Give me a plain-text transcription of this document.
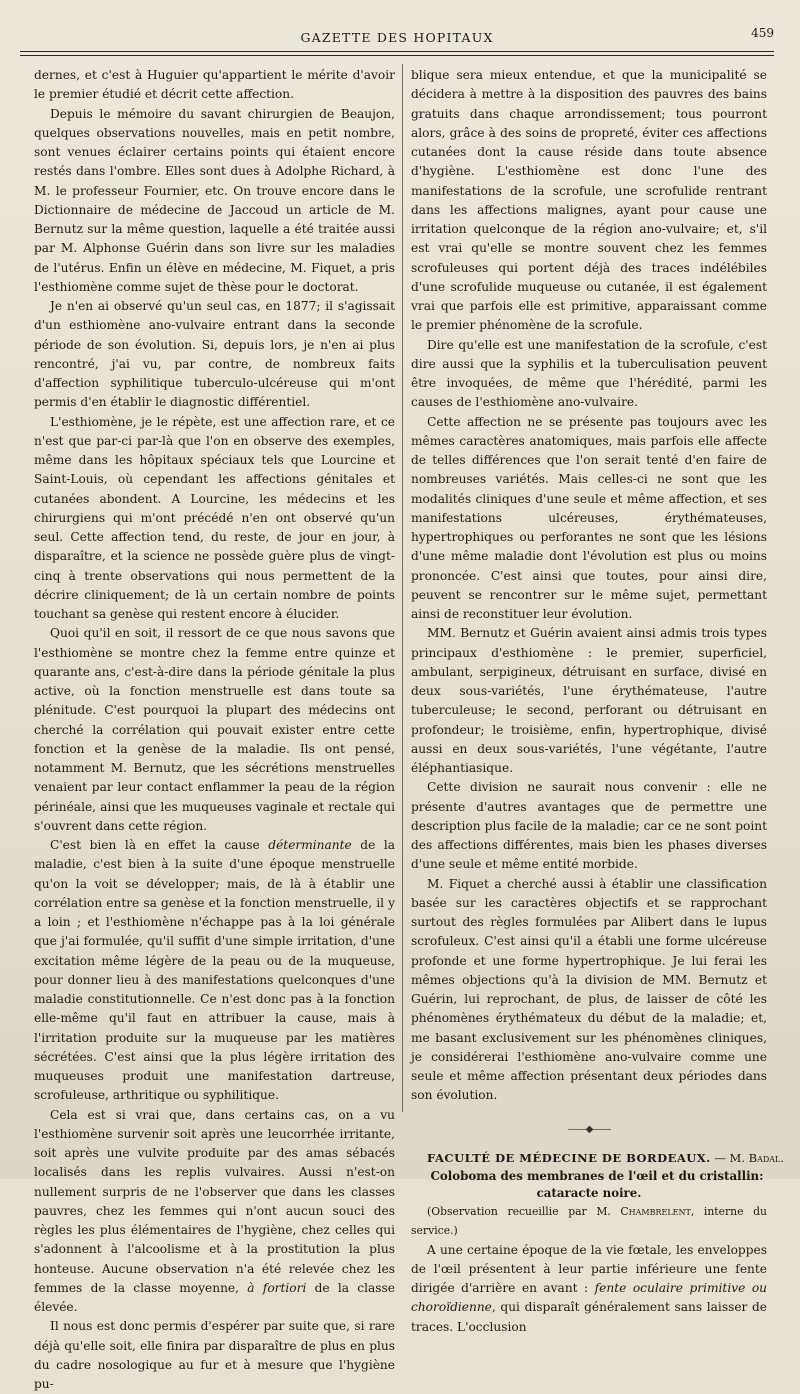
GAZETTE DES HOPITAUX	459

dernes, et c'est à Huguier qu'appartient le mérite d'avoir le premier étudié et décrit cette affection.

Depuis le mémoire du savant chirurgien de Beaujon, quelques observations nouvelles, mais en petit nombre, sont venues éclairer certains points qui étaient encore restés dans l'ombre. Elles sont dues à Adolphe Richard, à M. le professeur Fournier, etc. On trouve encore dans le Dictionnaire de médecine de Jaccoud un article de M. Bernutz sur la même question, laquelle a été traitée aussi par M. Alphonse Guérin dans son livre sur les maladies de l'utérus. Enfin un élève en médecine, M. Fiquet, a pris l'esthiomène comme sujet de thèse pour le doctorat.

Je n'en ai observé qu'un seul cas, en 1877; il s'agissait d'un esthiomène ano-vulvaire entrant dans la seconde période de son évolution. Si, depuis lors, je n'en ai plus rencontré, j'ai vu, par contre, de nombreux faits d'affection syphilitique tuberculo-ulcéreuse qui m'ont permis d'en établir le diagnostic différentiel.

L'esthiomène, je le répète, est une affection rare, et ce n'est que par-ci par-là que l'on en observe des exemples, même dans les hôpitaux spéciaux tels que Lourcine et Saint-Louis, où cependant les affections génitales et cutanées abondent. A Lourcine, les médecins et les chirurgiens qui m'ont précédé n'en ont observé qu'un seul. Cette affection tend, du reste, de jour en jour, à disparaître, et la science ne possède guère plus de vingt-cinq à trente observations qui nous permettent de la décrire cliniquement; de là un certain nombre de points touchant sa genèse qui restent encore à élucider.

Quoi qu'il en soit, il ressort de ce que nous savons que l'esthiomène se montre chez la femme entre quinze et quarante ans, c'est-à-dire dans la période génitale la plus active, où la fonction menstruelle est dans toute sa plénitude. C'est pourquoi la plupart des médecins ont cherché la corrélation qui pouvait exister entre cette fonction et la genèse de la maladie. Ils ont pensé, notamment M. Bernutz, que les sécrétions menstruelles venaient par leur contact enflammer la peau de la région périnéale, ainsi que les muqueuses vaginale et rectale qui s'ouvrent dans cette région.

C'est bien là en effet la cause déterminante de la maladie, c'est bien à la suite d'une époque menstruelle qu'on la voit se développer; mais, de là à établir une corrélation entre sa genèse et la fonction menstruelle, il y a loin ; et l'esthiomène n'échappe pas à la loi générale que j'ai formulée, qu'il suffit d'une simple irritation, d'une excitation même légère de la peau ou de la muqueuse, pour donner lieu à des manifestations quelconques d'une maladie constitutionnelle. Ce n'est donc pas à la fonction elle-même qu'il faut en attribuer la cause, mais à l'irritation produite sur la muqueuse par les matières sécrétées. C'est ainsi que la plus légère irritation des muqueuses produit une manifestation dartreuse, scrofuleuse, arthritique ou syphilitique.

Cela est si vrai que, dans certains cas, on a vu l'esthiomène survenir soit après une leucorrhée irritante, soit après une vulvite produite par des amas sébacés localisés dans les replis vulvaires. Aussi n'est-on nullement surpris de ne l'observer que dans les classes pauvres, chez les femmes qui n'ont aucun souci des règles les plus élémentaires de l'hygiène, chez celles qui s'adonnent à l'alcoolisme et à la prostitution la plus honteuse. Aucune observation n'a été relevée chez les femmes de la classe moyenne, à fortiori de la classe élevée.

Il nous est donc permis d'espérer par suite que, si rare déjà qu'elle soit, elle finira par disparaître de plus en plus du cadre nosologique au fur et à mesure que l'hygiène pu-

blique sera mieux entendue, et que la municipalité se décidera à mettre à la disposition des pauvres des bains gratuits dans chaque arrondissement; tous pourront alors, grâce à des soins de propreté, éviter ces affections cutanées dont la cause réside dans toute absence d'hygiène. L'esthiomène est donc l'une des manifestations de la scrofule, une scrofulide rentrant dans les affections malignes, ayant pour cause une irritation quelconque de la région ano-vulvaire; et, s'il est vrai qu'elle se montre souvent chez les femmes scrofuleuses qui portent déjà des traces indélébiles d'une scrofulide muqueuse ou cutanée, il est également vrai que parfois elle est primitive, apparaissant comme le premier phénomène de la scrofule.

Dire qu'elle est une manifestation de la scrofule, c'est dire aussi que la syphilis et la tuberculisation peuvent être invoquées, de même que l'hérédité, parmi les causes de l'esthiomène ano-vulvaire.

Cette affection ne se présente pas toujours avec les mêmes caractères anatomiques, mais parfois elle affecte de telles différences que l'on serait tenté d'en faire de nombreuses variétés. Mais celles-ci ne sont que les modalités cliniques d'une seule et même affection, et ses manifestations ulcéreuses, érythémateuses, hypertrophiques ou perforantes ne sont que les lésions d'une même maladie dont l'évolution est plus ou moins prononcée. C'est ainsi que toutes, pour ainsi dire, peuvent se rencontrer sur le même sujet, permettant ainsi de reconstituer leur évolution.

MM. Bernutz et Guérin avaient ainsi admis trois types principaux d'esthiomène : le premier, superficiel, ambulant, serpigineux, détruisant en surface, divisé en deux sous-variétés, l'une érythémateuse, l'autre tuberculeuse; le second, perforant ou détruisant en profondeur; le troisième, enfin, hypertrophique, divisé aussi en deux sous-variétés, l'une végétante, l'autre éléphantiasique.

Cette division ne saurait nous convenir : elle ne présente d'autres avantages que de permettre une description plus facile de la maladie; car ce ne sont point des affections différentes, mais bien les phases diverses d'une seule et même entité morbide.

M. Fiquet a cherché aussi à établir une classification basée sur les caractères objectifs et se rapprochant surtout des règles formulées par Alibert dans le lupus scrofuleux. C'est ainsi qu'il a établi une forme ulcéreuse profonde et une forme hypertrophique. Je lui ferai les mêmes objections qu'à la division de MM. Bernutz et Guérin, lui reprochant, de plus, de laisser de côté les phénomènes érythémateux du début de la maladie; et, me basant exclusivement sur les phénomènes cliniques, je considérerai l'esthiomène ano-vulvaire comme une seule et même affection présentant deux périodes dans son évolution.

——◆——

FACULTÉ DE MÉDECINE DE BORDEAUX. — M. Badal.

Coloboma des membranes de l'œil et du cristallin: cataracte noire.

(Observation recueillie par M. Chambrelent, interne du service.)

A une certaine époque de la vie fœtale, les enveloppes de l'œil présentent à leur partie inférieure une fente dirigée d'arrière en avant : fente oculaire primitive ou choroïdienne, qui disparaît généralement sans laisser de traces. L'occlusion
